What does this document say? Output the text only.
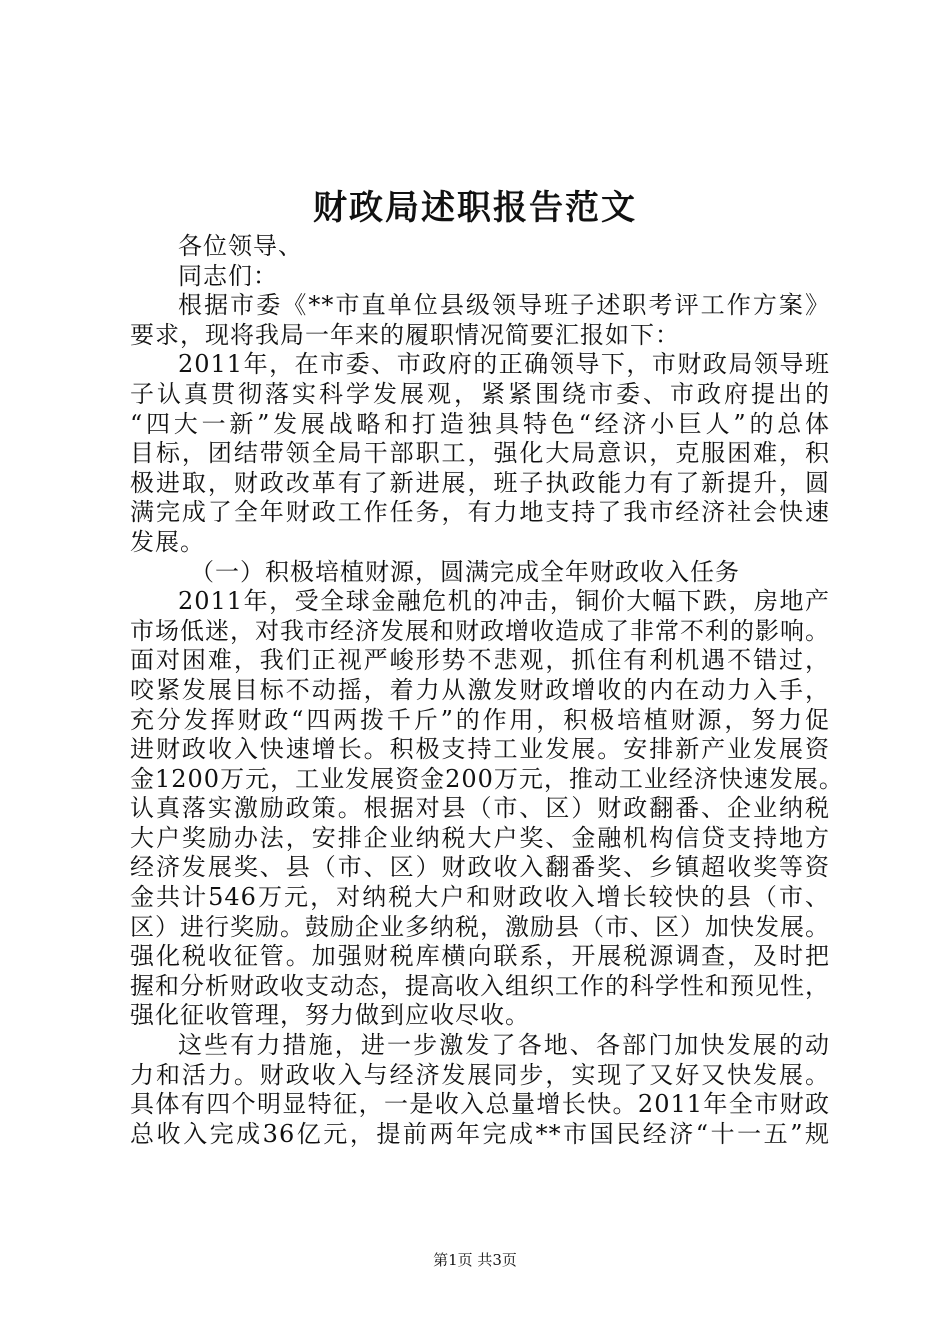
财政局述职报告范文
各位领导、
同志们：
根据市委《**市直单位县级领导班子述职考评工作方案》
要求，现将我局一年来的履职情况简要汇报如下：
2011年，在市委、市政府的正确领导下，市财政局领导班
子认真贯彻落实科学发展观，紧紧围绕市委、市政府提出的
“四大一新”发展战略和打造独具特色“经济小巨人”的总体
目标，团结带领全局干部职工，强化大局意识，克服困难，积
极进取，财政改革有了新进展，班子执政能力有了新提升，圆
满完成了全年财政工作任务，有力地支持了我市经济社会快速
发展。
（一）积极培植财源，圆满完成全年财政收入任务
2011年，受全球金融危机的冲击，铜价大幅下跌，房地产
市场低迷，对我市经济发展和财政增收造成了非常不利的影响。
面对困难，我们正视严峻形势不悲观，抓住有利机遇不错过，
咬紧发展目标不动摇，着力从激发财政增收的内在动力入手，
充分发挥财政“四两拨千斤”的作用，积极培植财源，努力促
进财政收入快速增长。积极支持工业发展。安排新产业发展资
金1200万元，工业发展资金200万元，推动工业经济快速发展。
认真落实激励政策。根据对县（市、区）财政翻番、企业纳税
大户奖励办法，安排企业纳税大户奖、金融机构信贷支持地方
经济发展奖、县（市、区）财政收入翻番奖、乡镇超收奖等资
金共计546万元，对纳税大户和财政收入增长较快的县（市、
区）进行奖励。鼓励企业多纳税，激励县（市、区）加快发展。
强化税收征管。加强财税库横向联系，开展税源调查，及时把
握和分析财政收支动态，提高收入组织工作的科学性和预见性，
强化征收管理，努力做到应收尽收。
这些有力措施，进一步激发了各地、各部门加快发展的动
力和活力。财政收入与经济发展同步，实现了又好又快发展。
具体有四个明显特征，一是收入总量增长快。2011年全市财政
总收入完成36亿元，提前两年完成**市国民经济“十一五”规
第1页 共3页
